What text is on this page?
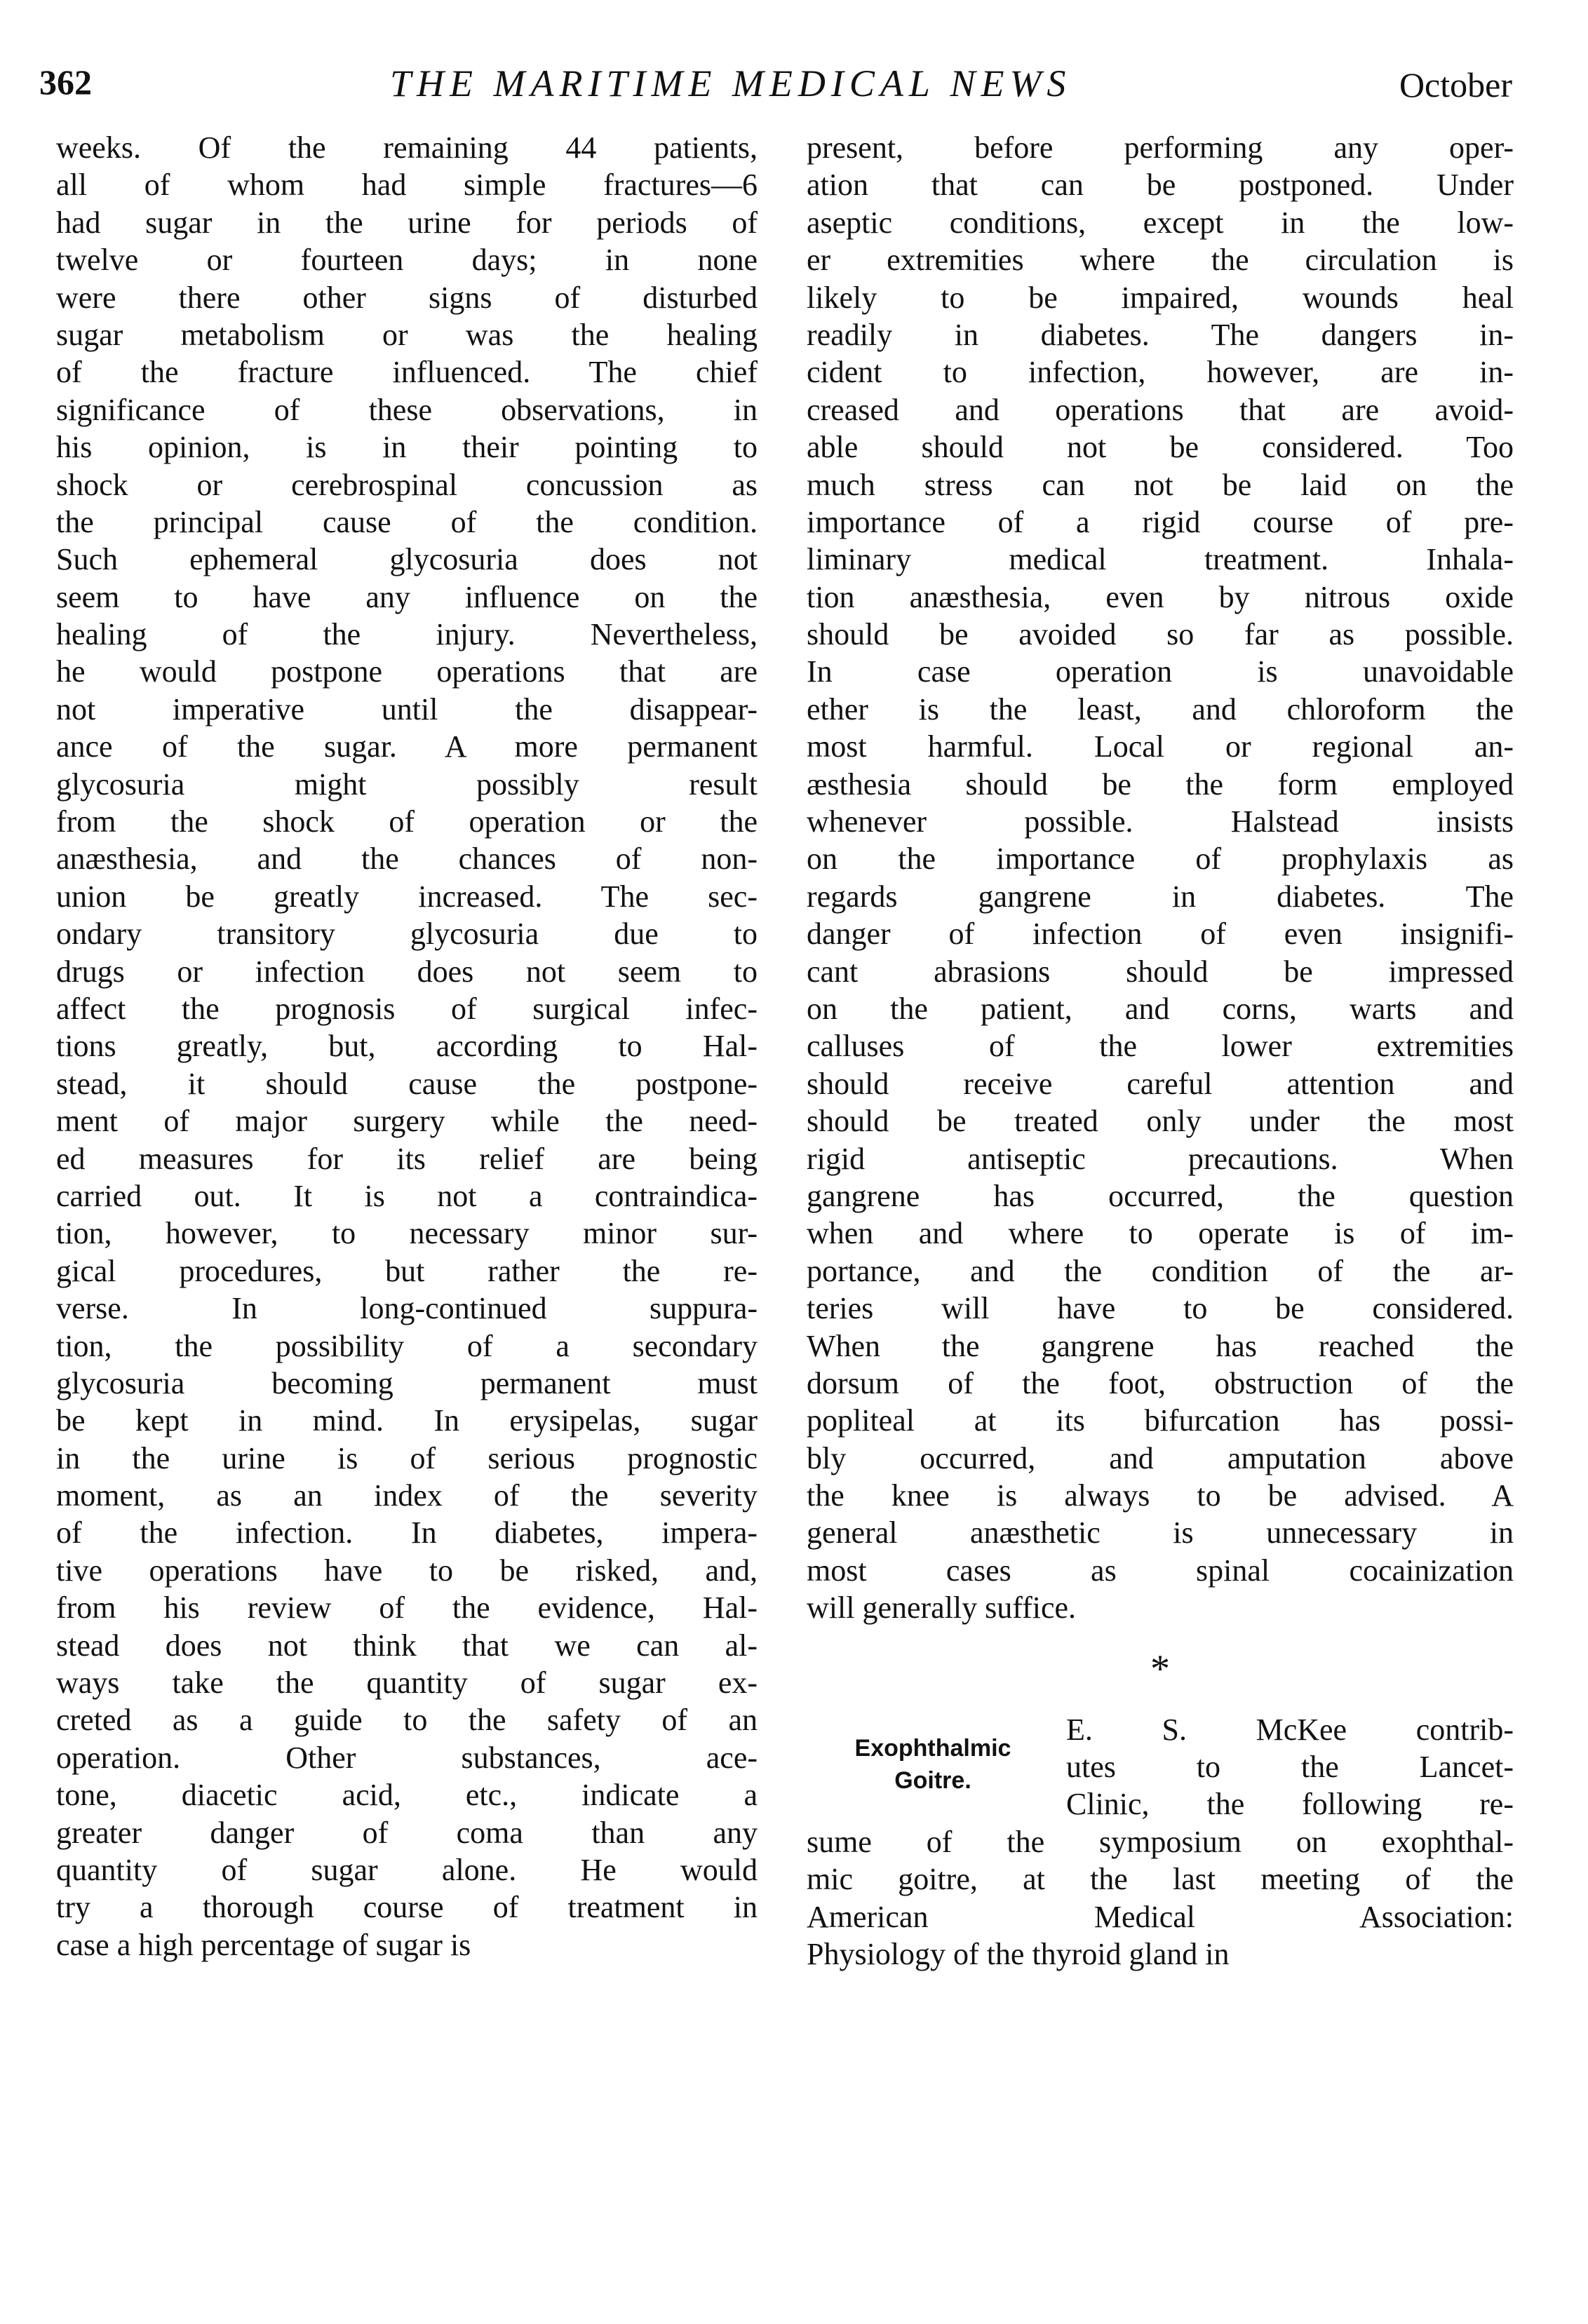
362	THE MARITIME MEDICAL NEWS	October
weeks. Of the remaining 44 patients,
all of whom had simple fractures—6
had sugar in the urine for periods of
twelve or fourteen days; in none
were there other signs of disturbed
sugar metabolism or was the healing
of the fracture influenced. The chief
significance of these observations, in
his opinion, is in their pointing to
shock or cerebrospinal concussion as
the principal cause of the condition.
Such ephemeral glycosuria does not
seem to have any influence on the
healing of the injury. Nevertheless,
he would postpone operations that are
not imperative until the disappear-
ance of the sugar. A more permanent
glycosuria might possibly result
from the shock of operation or the
anæsthesia, and the chances of non-
union be greatly increased. The sec-
ondary transitory glycosuria due to
drugs or infection does not seem to
affect the prognosis of surgical infec-
tions greatly, but, according to Hal-
stead, it should cause the postpone-
ment of major surgery while the need-
ed measures for its relief are being
carried out. It is not a contraindica-
tion, however, to necessary minor sur-
gical procedures, but rather the re-
verse. In long-continued suppura-
tion, the possibility of a secondary
glycosuria becoming permanent must
be kept in mind. In erysipelas, sugar
in the urine is of serious prognostic
moment, as an index of the severity
of the infection. In diabetes, impera-
tive operations have to be risked, and,
from his review of the evidence, Hal-
stead does not think that we can al-
ways take the quantity of sugar ex-
creted as a guide to the safety of an
operation. Other substances, ace-
tone, diacetic acid, etc., indicate a
greater danger of coma than any
quantity of sugar alone. He would
try a thorough course of treatment in
case a high percentage of sugar is
present, before performing any oper-
ation that can be postponed. Under
aseptic conditions, except in the low-
er extremities where the circulation is
likely to be impaired, wounds heal
readily in diabetes. The dangers in-
cident to infection, however, are in-
creased and operations that are avoid-
able should not be considered. Too
much stress can not be laid on the
importance of a rigid course of pre-
liminary medical treatment. Inhala-
tion anæsthesia, even by nitrous oxide
should be avoided so far as possible.
In case operation is unavoidable
ether is the least, and chloroform the
most harmful. Local or regional an-
æsthesia should be the form employed
whenever possible. Halstead insists
on the importance of prophylaxis as
regards gangrene in diabetes. The
danger of infection of even insignifi-
cant abrasions should be impressed
on the patient, and corns, warts and
calluses of the lower extremities
should receive careful attention and
should be treated only under the most
rigid antiseptic precautions. When
gangrene has occurred, the question
when and where to operate is of im-
portance, and the condition of the ar-
teries will have to be considered.
When the gangrene has reached the
dorsum of the foot, obstruction of the
popliteal at its bifurcation has possi-
bly occurred, and amputation above
the knee is always to be advised. A
general anæsthetic is unnecessary in
most cases as spinal cocainization
will generally suffice.
*
Exophthalmic
Goitre.
E. S. McKee contrib-
utes to the Lancet-
Clinic, the following re-
sume of the symposium on exophthal-
mic goitre, at the last meeting of the
American Medical Association:
Physiology of the thyroid gland in
